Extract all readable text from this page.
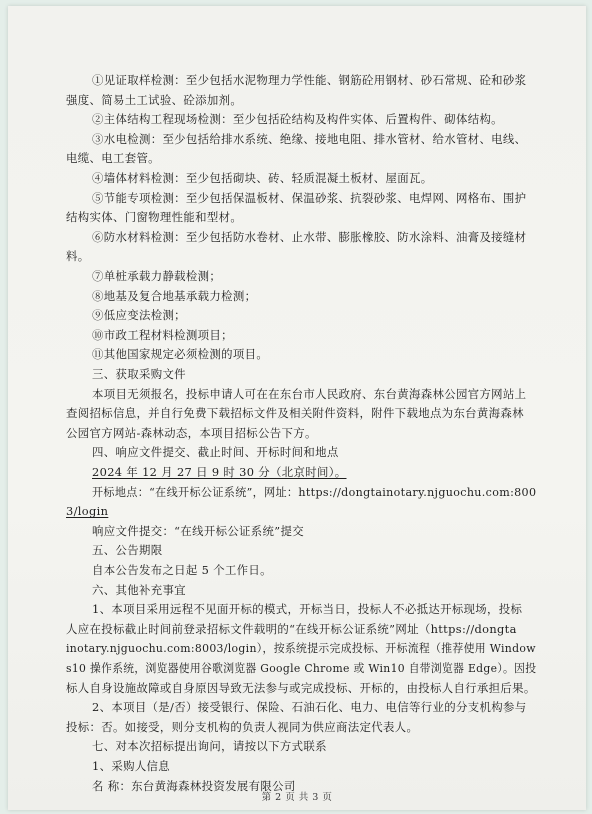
①见证取样检测：至少包括水泥物理力学性能、钢筋砼用钢材、砂石常规、砼和砂浆
强度、简易土工试验、砼添加剂。
②主体结构工程现场检测：至少包括砼结构及构件实体、后置构件、砌体结构。
③水电检测：至少包括给排水系统、绝缘、接地电阻、排水管材、给水管材、电线、
电缆、电工套管。
④墙体材料检测：至少包括砌块、砖、轻质混凝土板材、屋面瓦。
⑤节能专项检测：至少包括保温板材、保温砂浆、抗裂砂浆、电焊网、网格布、围护
结构实体、门窗物理性能和型材。
⑥防水材料检测：至少包括防水卷材、止水带、膨胀橡胶、防水涂料、油膏及接缝材
料。
⑦单桩承载力静载检测；
⑧地基及复合地基承载力检测；
⑨低应变法检测；
⑩市政工程材料检测项目；
⑪其他国家规定必须检测的项目。
三、获取采购文件
本项目无须报名，投标申请人可在在东台市人民政府、东台黄海森林公园官方网站上
查阅招标信息，并自行免费下载招标文件及相关附件资料，附件下载地点为东台黄海森林
公园官方网站-森林动态，本项目招标公告下方。
四、响应文件提交、截止时间、开标时间和地点
2024 年 12 月 27 日 9 时 30 分（北京时间）。
开标地点：“在线开标公证系统”，网址：https://dongtainotary.njguochu.com:800
3/login
响应文件提交：“在线开标公证系统”提交
五、公告期限
自本公告发布之日起 5 个工作日。
六、其他补充事宜
1、本项目采用远程不见面开标的模式，开标当日，投标人不必抵达开标现场，投标
人应在投标截止时间前登录招标文件载明的“在线开标公证系统”网址（https://dongta
inotary.njguochu.com:8003/login），按系统提示完成投标、开标流程（推荐使用 Window
s10 操作系统，浏览器使用谷歌浏览器 Google Chrome 或 Win10 自带浏览器 Edge）。因投
标人自身设施故障或自身原因导致无法参与或完成投标、开标的，由投标人自行承担后果。
2、本项目（是/否）接受银行、保险、石油石化、电力、电信等行业的分支机构参与
投标：否。如接受，则分支机构的负责人视同为供应商法定代表人。
七、对本次招标提出询问，请按以下方式联系
1、采购人信息
名 称：东台黄海森林投资发展有限公司
第 2 页 共 3 页
